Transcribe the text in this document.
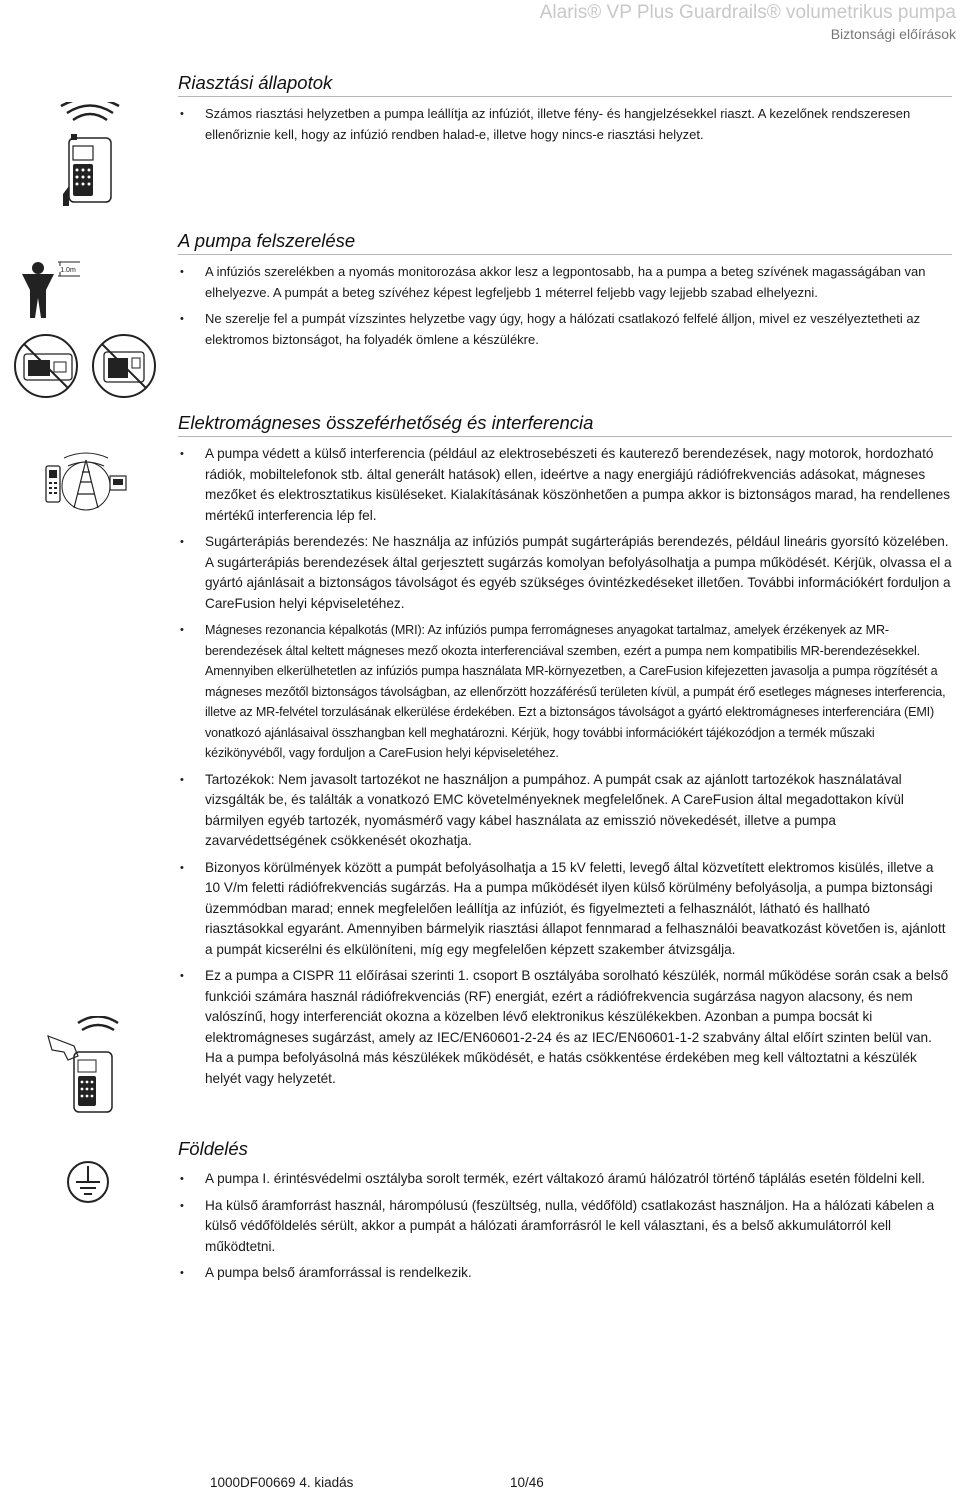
Alaris® VP Plus Guardrails® volumetrikus pumpa
Biztonsági előírások
1.0m
Riasztási állapotok
• Számos riasztási helyzetben a pumpa leállítja az infúziót, illetve fény- és hangjelzésekkel riaszt. A kezelőnek rendszeresen ellenőriznie kell, hogy az infúzió rendben halad-e, illetve hogy nincs-e riasztási helyzet.
A pumpa felszerelése
• A infúziós szerelékben a nyomás monitorozása akkor lesz a legpontosabb, ha a pumpa a beteg szívének magasságában van elhelyezve. A pumpát a beteg szívéhez képest legfeljebb 1 méterrel feljebb vagy lejjebb szabad elhelyezni.
• Ne szerelje fel a pumpát vízszintes helyzetbe vagy úgy, hogy a hálózati csatlakozó felfelé álljon, mivel ez veszélyeztetheti az elektromos biztonságot, ha folyadék ömlene a készülékre.
Elektromágneses összeférhetőség és interferencia
• A pumpa védett a külső interferencia (például az elektrosebészeti és kauterező berendezések, nagy motorok, hordozható rádiók, mobiltelefonok stb. által generált hatások) ellen, ideértve a nagy energiájú rádiófrekvenciás adásokat, mágneses mezőket és elektrosztatikus kisüléseket. Kialakításának köszönhetően a pumpa akkor is biztonságos marad, ha rendellenes mértékű interferencia lép fel.
• Sugárterápiás berendezés: Ne használja az infúziós pumpát sugárterápiás berendezés, például lineáris gyorsító közelében. A sugárterápiás berendezések által gerjesztett sugárzás komolyan befolyásolhatja a pumpa működését. Kérjük, olvassa el a gyártó ajánlásait a biztonságos távolságot és egyéb szükséges óvintézkedéseket illetően. További információkért forduljon a CareFusion helyi képviseletéhez.
• Mágneses rezonancia képalkotás (MRI): Az infúziós pumpa ferromágneses anyagokat tartalmaz, amelyek érzékenyek az MR-berendezések által keltett mágneses mező okozta interferenciával szemben, ezért a pumpa nem kompatibilis MR-berendezésekkel. Amennyiben elkerülhetetlen az infúziós pumpa használata MR-környezetben, a CareFusion kifejezetten javasolja a pumpa rögzítését a mágneses mezőtől biztonságos távolságban, az ellenőrzött hozzáférésű területen kívül, a pumpát érő esetleges mágneses interferencia, illetve az MR-felvétel torzulásának elkerülése érdekében. Ezt a biztonságos távolságot a gyártó elektromágneses interferenciára (EMI) vonatkozó ajánlásaival összhangban kell meghatározni. Kérjük, hogy további információkért tájékozódjon a termék műszaki kézikönyvéből, vagy forduljon a CareFusion helyi képviseletéhez.
• Tartozékok: Nem javasolt tartozékot ne használjon a pumpához. A pumpát csak az ajánlott tartozékok használatával vizsgálták be, és találták a vonatkozó EMC követelményeknek megfelelőnek. A CareFusion által megadottakon kívül bármilyen egyéb tartozék, nyomásmérő vagy kábel használata az emisszió növekedését, illetve a pumpa zavarvédettségének csökkenését okozhatja.
• Bizonyos körülmények között a pumpát befolyásolhatja a 15 kV feletti, levegő által közvetített elektromos kisülés, illetve a 10 V/m feletti rádiófrekvenciás sugárzás. Ha a pumpa működését ilyen külső körülmény befolyásolja, a pumpa biztonsági üzemmódban marad; ennek megfelelően leállítja az infúziót, és figyelmezteti a felhasználót, látható és hallható riasztásokkal egyaránt. Amennyiben bármelyik riasztási állapot fennmarad a felhasználói beavatkozást követően is, ajánlott a pumpát kicserélni és elkülöníteni, míg egy megfelelően képzett szakember átvizsgálja.
• Ez a pumpa a CISPR 11 előírásai szerinti 1. csoport B osztályába sorolható készülék, normál működése során csak a belső funkciói számára használ rádiófrekvenciás (RF) energiát, ezért a rádiófrekvencia sugárzása nagyon alacsony, és nem valószínű, hogy interferenciát okozna a közelben lévő elektronikus készülékekben. Azonban a pumpa bocsát ki elektromágneses sugárzást, amely az IEC/EN60601-2-24 és az IEC/EN60601-1-2 szabvány által előírt szinten belül van. Ha a pumpa befolyásolná más készülékek működését, e hatás csökkentése érdekében meg kell változtatni a készülék helyét vagy helyzetét.
Földelés
• A pumpa I. érintésvédelmi osztályba sorolt termék, ezért váltakozó áramú hálózatról történő táplálás esetén földelni kell.
• Ha külső áramforrást használ, hárompólusú (feszültség, nulla, védőföld) csatlakozást használjon. Ha a hálózati kábelen a külső védőföldelés sérült, akkor a pumpát a hálózati áramforrásról le kell választani, és a belső akkumulátorról kell működtetni.
• A pumpa belső áramforrással is rendelkezik.
1000DF00669 4. kiadás	10/46
